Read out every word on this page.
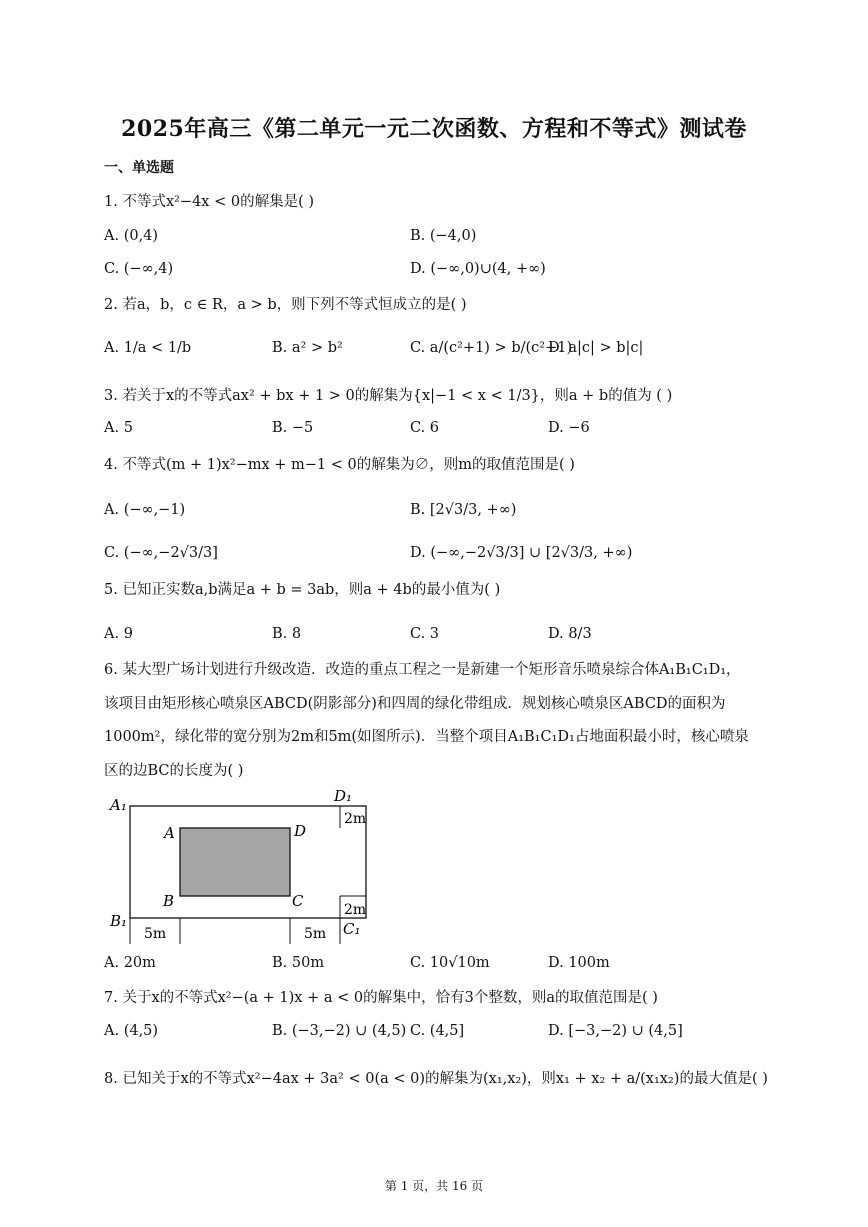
2025年高三《第二单元一元二次函数、方程和不等式》测试卷
一、单选题
1. 不等式x²−4x < 0的解集是( )
A. (0,4)	B. (−4,0)
C. (−∞,4)	D. (−∞,0)∪(4, +∞)
2. 若a，b，c ∈ R，a > b，则下列不等式恒成立的是( )
A. 1/a < 1/b	B. a² > b²	C. a/(c²+1) > b/(c²+1)
D. a|c| > b|c|
3. 若关于x的不等式ax² + bx + 1 > 0的解集为{x|−1 < x < 1/3}，则a + b的值为 ( )
A. 5	B. −5	C. 6	D. −6
4. 不等式(m + 1)x²−mx + m−1 < 0的解集为∅，则m的取值范围是( )
A. (−∞,−1)	B. [2√3/3, +∞)
C. (−∞,−2√3/3]	D. (−∞,−2√3/3] ∪ [2√3/3, +∞)
5. 已知正实数a,b满足a + b = 3ab，则a + 4b的最小值为( )
A. 9	B. 8	C. 3	D. 8/3
6. 某大型广场计划进行升级改造．改造的重点工程之一是新建一个矩形音乐喷泉综合体A₁B₁C₁D₁，
该项目由矩形核心喷泉区ABCD(阴影部分)和四周的绿化带组成．规划核心喷泉区ABCD的面积为
1000m²，绿化带的宽分别为2m和5m(如图所示)．当整个项目A₁B₁C₁D₁占地面积最小时，核心喷泉
区的边BC的长度为( )
A₁	D₁
B₁	C₁
A	D
B	C
2m
2m
5m	5m
A. 20m	B. 50m	C. 10√10m	D. 100m
7. 关于x的不等式x²−(a + 1)x + a < 0的解集中，恰有3个整数，则a的取值范围是( )
A. (4,5)	B. (−3,−2) ∪ (4,5) C. (4,5]	D. [−3,−2) ∪ (4,5]
8. 已知关于x的不等式x²−4ax + 3a² < 0(a < 0)的解集为(x₁,x₂)，则x₁ + x₂ + a/(x₁x₂)的最大值是( )
第 1 页，共 16 页
